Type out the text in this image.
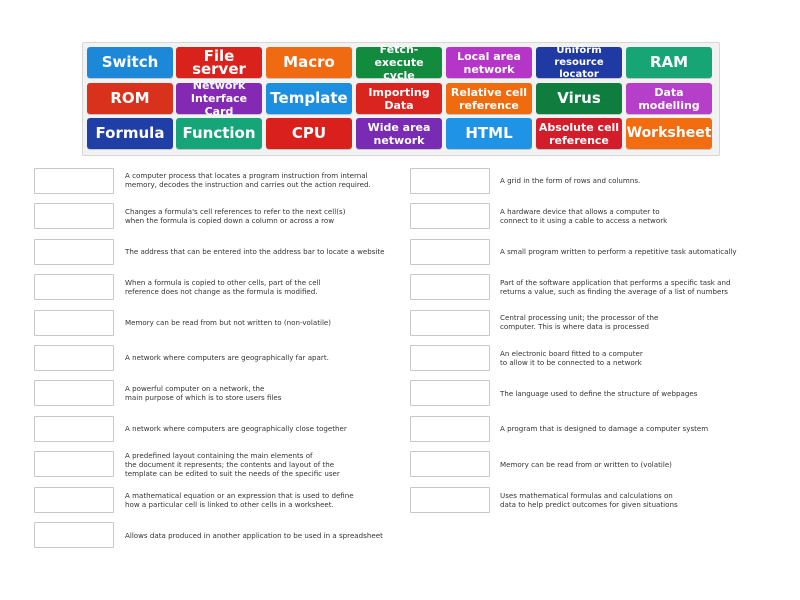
Switch	File server	Macro
Fetch-execute
cycle
Local area
network
Uniform
resource locator
RAM
ROM
Network
Interface Card
Template	Importing
Data
Relative cell
reference	Virus	Data
modelling
Formula	Function	CPU	Wide area
network	HTML	Absolute cell
reference	Worksheet
A computer process that locates a program instruction from internal
memory, decodes the instruction and carries out the action required.
Changes a formula's cell references to refer to the next cell(s)
when the formula is copied down a column or across a row
The address that can be entered into the address bar to locate a website
When a formula is copied to other cells, part of the cell
reference does not change as the formula is modified.
Memory can be read from but not written to (non-volatile)
A network where computers are geographically far apart.
A powerful computer on a network, the
main purpose of which is to store users files
A network where computers are geographically close together
A predefined layout containing the main elements of
the document it represents; the contents and layout of the
template can be edited to suit the needs of the specific user
A mathematical equation or an expression that is used to define
how a particular cell is linked to other cells in a worksheet.
Allows data produced in another application to be used in a spreadsheet
A grid in the form of rows and columns.
A hardware device that allows a computer to
connect to it using a cable to access a network
A small program written to perform a repetitive task automatically
Part of the software application that performs a specific task and
returns a value, such as finding the average of a list of numbers
Central processing unit; the processor of the
computer. This is where data is processed
An electronic board fitted to a computer
to allow it to be connected to a network
The language used to define the structure of webpages
A program that is designed to damage a computer system
Memory can be read from or written to (volatile)
Uses mathematical formulas and calculations on
data to help predict outcomes for given situations
